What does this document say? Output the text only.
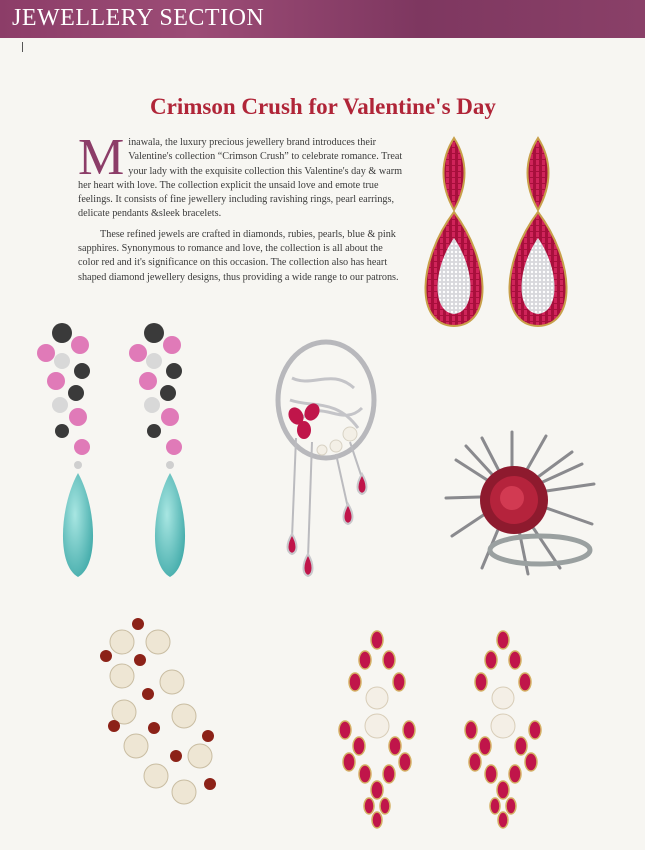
JEWELLERY SECTION
Crimson Crush for Valentine's Day
M inawala, the luxury precious jewellery brand introduces their Valentine's collection “Crimson Crush” to celebrate romance. Treat your lady with the exquisite collection this Valentine's day & warm her heart with love. The collection explicit the unsaid love and emote true feelings. It consists of fine jewellery including ravishing rings, pearl earrings, delicate pendants &sleek bracelets.

These refined jewels are crafted in diamonds, rubies, pearls, blue & pink sapphires. Synonymous to romance and love, the collection is all about the color red and it's significance on this occasion. The collection also has heart shaped diamond jewellery designs, thus providing a wide range to our patrons.
